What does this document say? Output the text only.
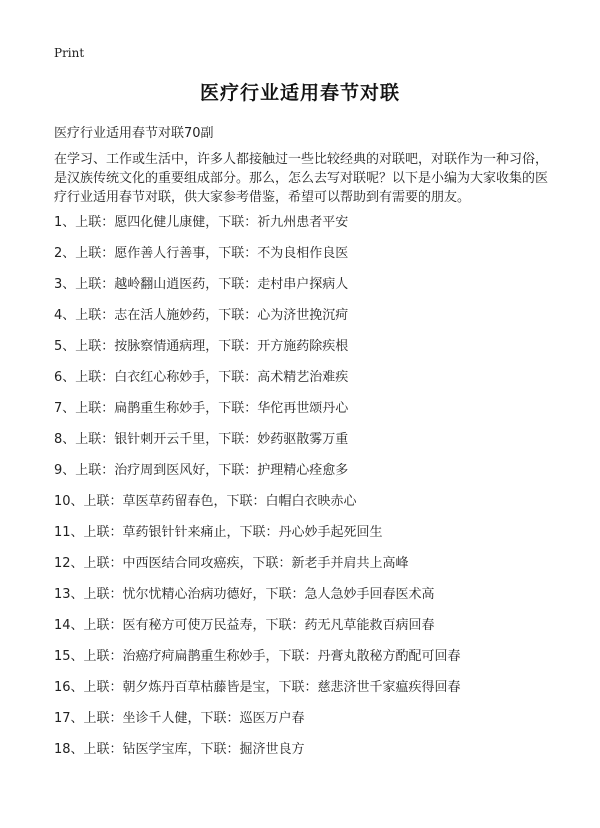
Print
医疗行业适用春节对联
医疗行业适用春节对联70副
在学习、工作或生活中，许多人都接触过一些比较经典的对联吧，对联作为一种习俗，是汉族传统文化的重要组成部分。那么，怎么去写对联呢？以下是小编为大家收集的医疗行业适用春节对联，供大家参考借鉴，希望可以帮助到有需要的朋友。
1、上联：愿四化健儿康健，下联：祈九州患者平安
2、上联：愿作善人行善事，下联：不为良相作良医
3、上联：越岭翻山逍医药，下联：走村串户探病人
4、上联：志在活人施妙药，下联：心为济世挽沉疴
5、上联：按脉察情通病理，下联：开方施药除疾根
6、上联：白衣红心称妙手，下联：高术精艺治难疾
7、上联：扁鹊重生称妙手，下联：华佗再世颂丹心
8、上联：银针刺开云千里，下联：妙药驱散雾万重
9、上联：治疗周到医风好，下联：护理精心痊愈多
10、上联：草医草药留春色，下联：白帽白衣映赤心
11、上联：草药银针针来痛止，下联：丹心妙手起死回生
12、上联：中西医结合同攻癌疾，下联：新老手并肩共上高峰
13、上联：忧尔忧精心治病功德好，下联：急人急妙手回春医术高
14、上联：医有秘方可使万民益寿，下联：药无凡草能救百病回春
15、上联：治癌疗疴扁鹊重生称妙手，下联：丹膏丸散秘方酌配可回春
16、上联：朝夕炼丹百草枯藤皆是宝，下联：慈悲济世千家瘟疾得回春
17、上联：坐诊千人健，下联：巡医万户春
18、上联：钻医学宝库，下联：掘济世良方
